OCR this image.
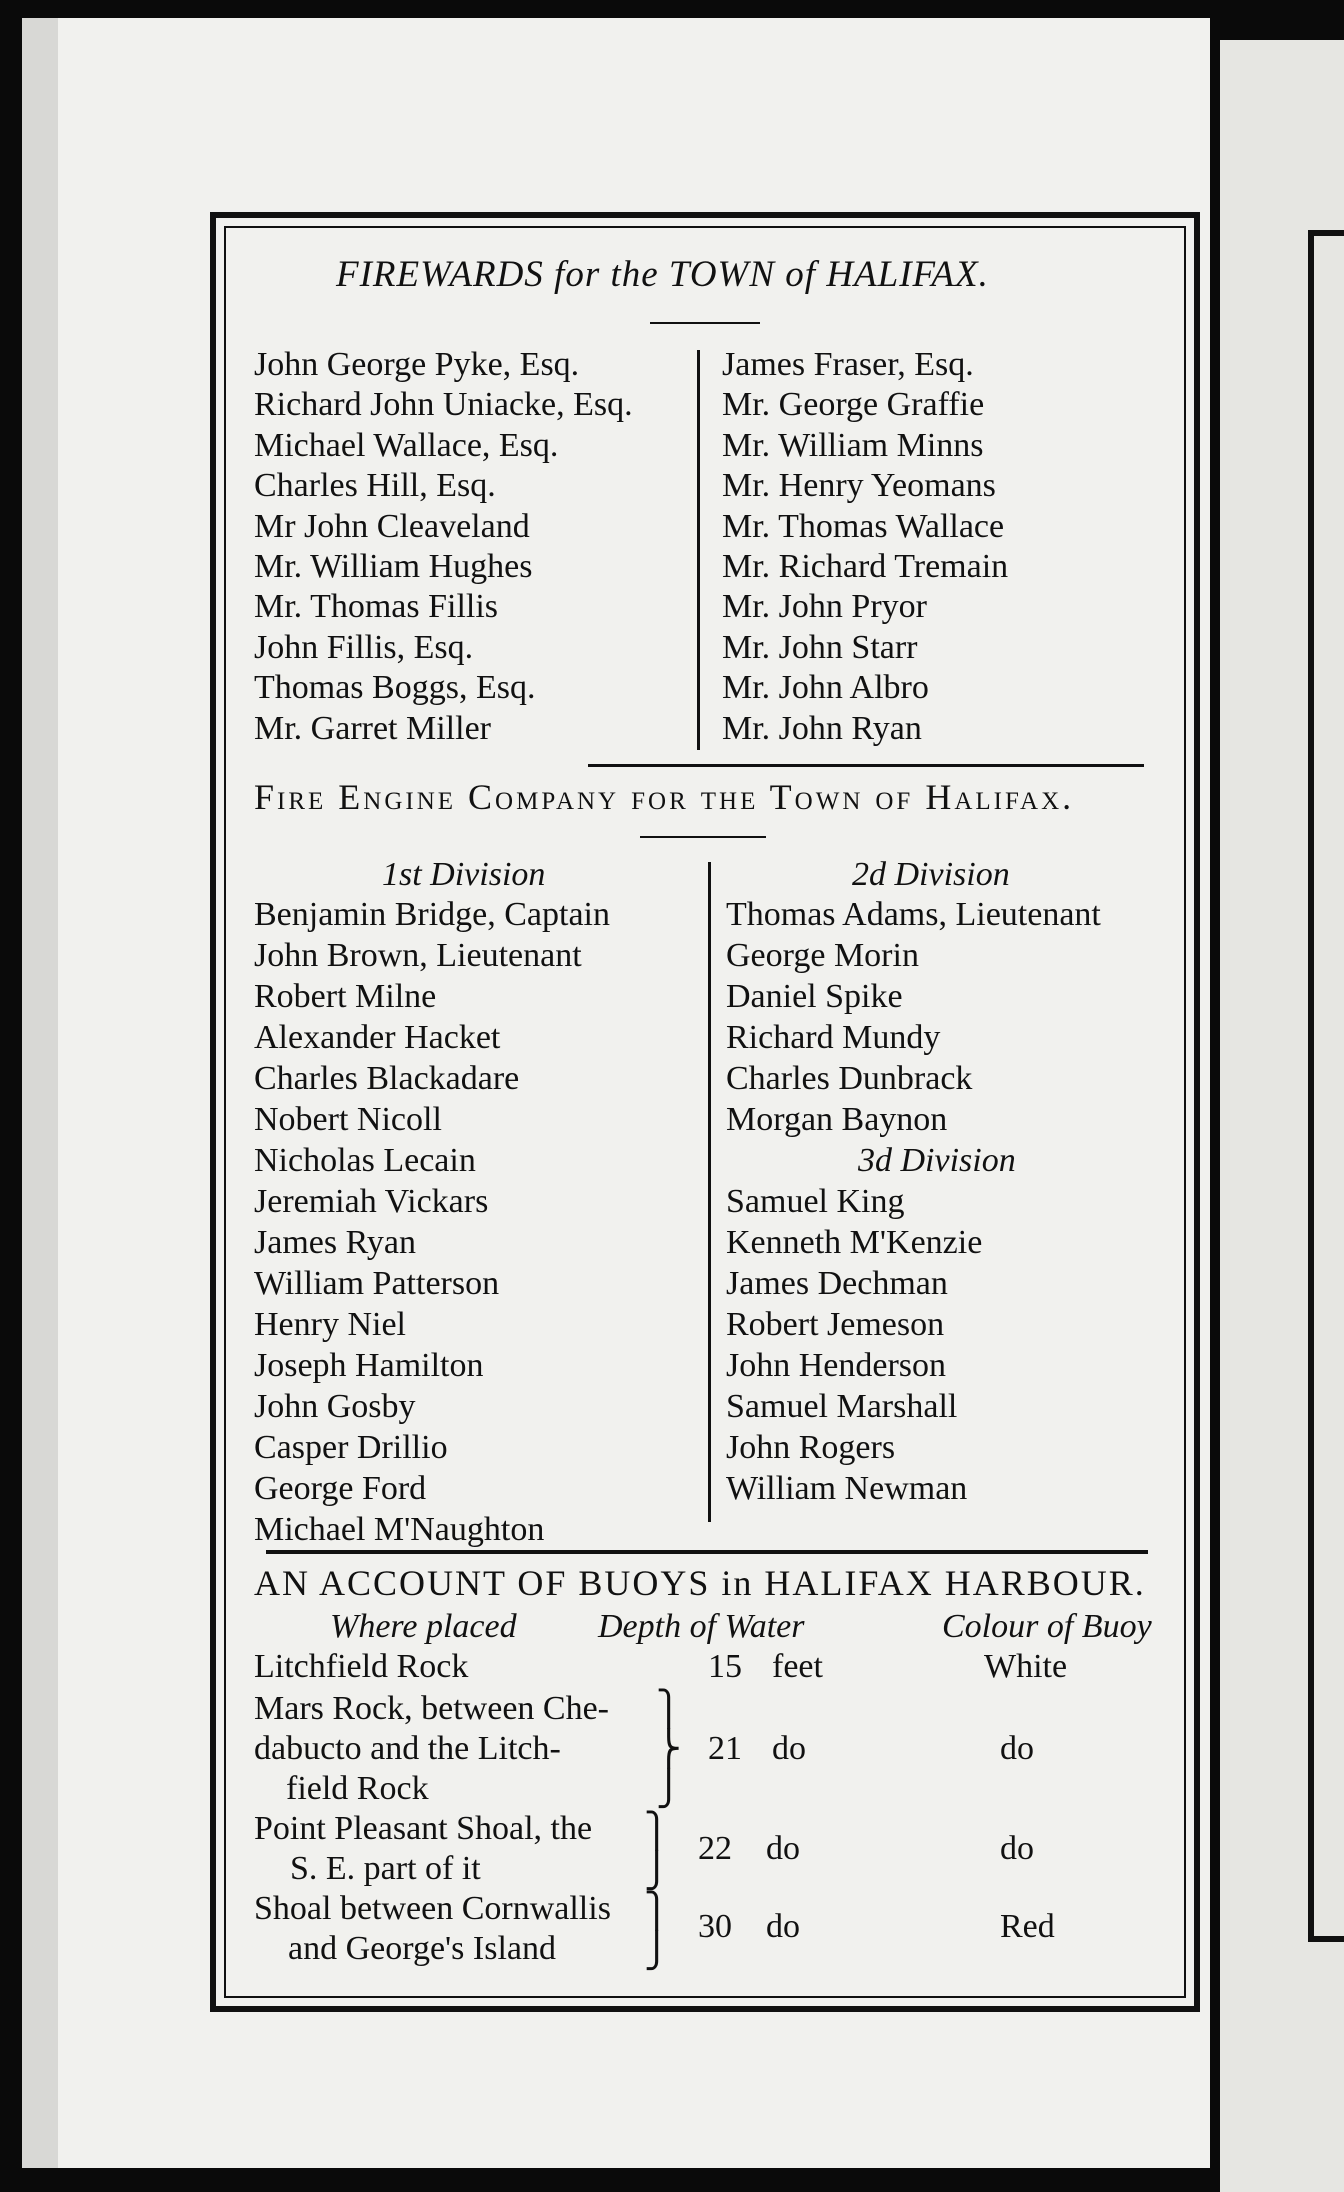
FIREWARDS for the TOWN of HALIFAX.
John George Pyke, Esq.
Richard John Uniacke, Esq.
Michael Wallace, Esq.
Charles Hill, Esq.
Mr John Cleaveland
Mr. William Hughes
Mr. Thomas Fillis
John Fillis, Esq.
Thomas Boggs, Esq.
Mr. Garret Miller
James Fraser, Esq.
Mr. George Graffie
Mr. William Minns
Mr. Henry Yeomans
Mr. Thomas Wallace
Mr. Richard Tremain
Mr. John Pryor
Mr. John Starr
Mr. John Albro
Mr. John Ryan
Fire Engine Company for the Town of Halifax.
1st Division
Benjamin Bridge, Captain
John Brown, Lieutenant
Robert Milne
Alexander Hacket
Charles Blackadare
Nobert Nicoll
Nicholas Lecain
Jeremiah Vickars
James Ryan
William Patterson
Henry Niel
Joseph Hamilton
John Gosby
Casper Drillio
George Ford
Michael M'Naughton
2d Division
Thomas Adams, Lieutenant
George Morin
Daniel Spike
Richard Mundy
Charles Dunbrack
Morgan Baynon
3d Division
Samuel King
Kenneth M'Kenzie
James Dechman
Robert Jemeson
John Henderson
Samuel Marshall
John Rogers
William Newman
AN ACCOUNT OF BUOYS in HALIFAX HARBOUR.
Where placed Depth of Water	Colour of Buoy
Litchfield Rock	15 feet	White
Mars Rock, between Che-
dabucto and the Litch-
field Rock
⎫
⎬
⎭
21 do	do
Point Pleasant Shoal, the
S. E. part of it
⎫
⎭
22 do	do
Shoal between Cornwallis
and George's Island
⎫
⎭
30 do	Red
